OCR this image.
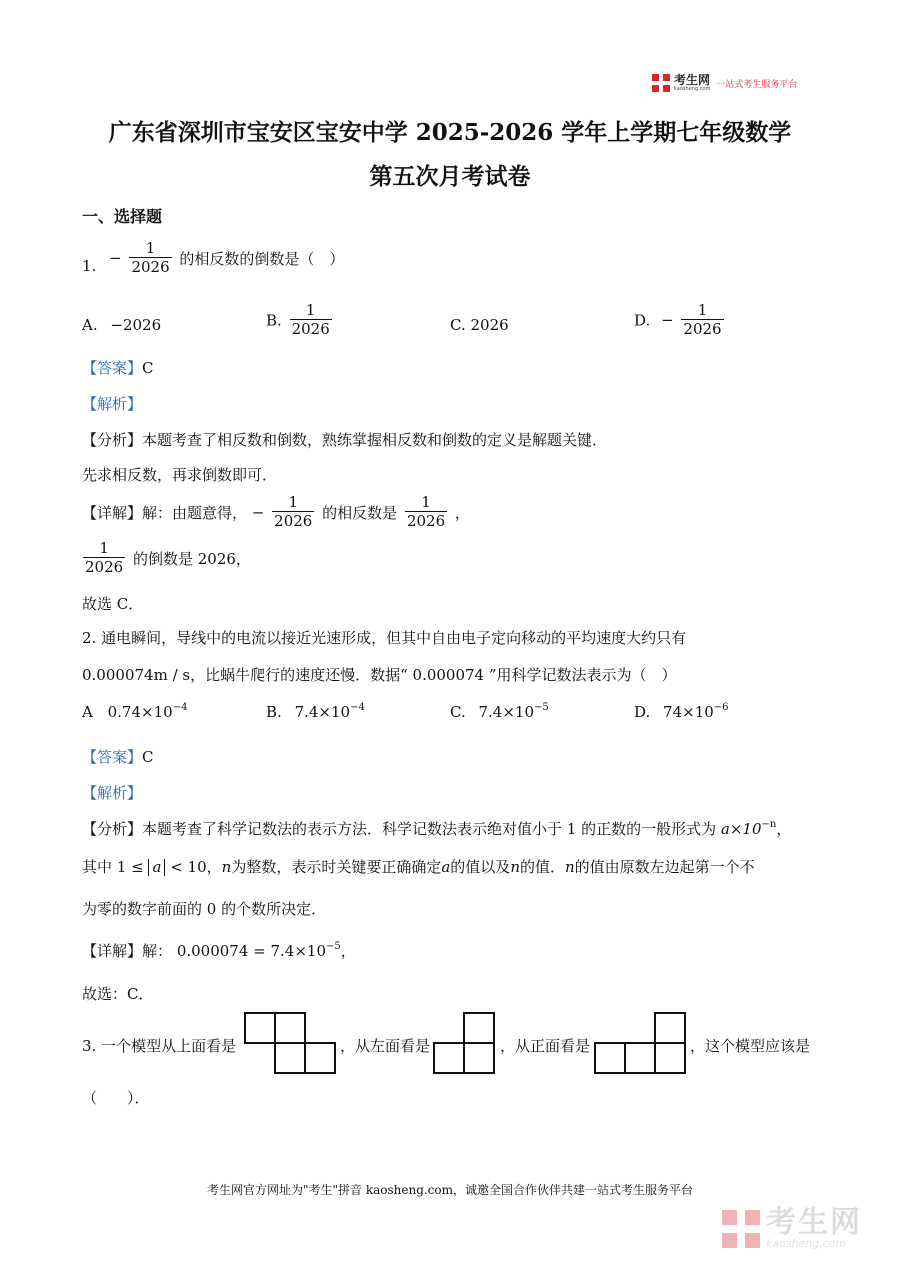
考生网
kaosheng.com 一站式考生服务平台
广东省深圳市宝安区宝安中学 2025-2026 学年上学期七年级数学
第五次月考试卷
一、选择题
1. − $\frac{1}{2026}$ 的相反数的倒数是（　）
A. −2026	B. $\frac{1}{2026}$	C. 2026	D. − $\frac{1}{2026}$
【答案】C
【解析】
【分析】本题考查了相反数和倒数，熟练掌握相反数和倒数的定义是解题关键．
先求相反数，再求倒数即可．
【详解】解：由题意得， − $\frac{1}{2026}$ 的相反数是 $\frac{1}{2026}$ ，
$\frac{1}{2026}$ 的倒数是 2026，
故选 C．
2. 通电瞬间，导线中的电流以接近光速形成，但其中自由电子定向移动的平均速度大约只有
0.000074m / s，比蜗牛爬行的速度还慢．数据“ 0.000074 ”用科学记数法表示为（　）
A $0.74\times 10^{-4}$	B. $7.4\times 10^{-4}$	C. $7.4\times 10^{-5}$	D. $74\times 10^{-6}$
【答案】C
【解析】
【分析】本题考查了科学记数法的表示方法．科学记数法表示绝对值小于 1 的正数的一般形式为 $a\times 10^{-n}$，
其中 1 ≤ a < 10，n为整数，表示时关键要正确确定a的值以及n的值．n的值由原数左边起第一个不
为零的数字前面的 0 的个数所决定．
【详解】解： $0.000074 = 7.4\times 10^{-5}$，
故选：C．
3. 一个模型从上面看是	，从左面看是	，从正面看是	，这个模型应该是
（　　）．
考生网官方网址为"考生"拼音 kaosheng.com，诚邀全国合作伙伴共建一站式考生服务平台
考生网
kaosheng.com
